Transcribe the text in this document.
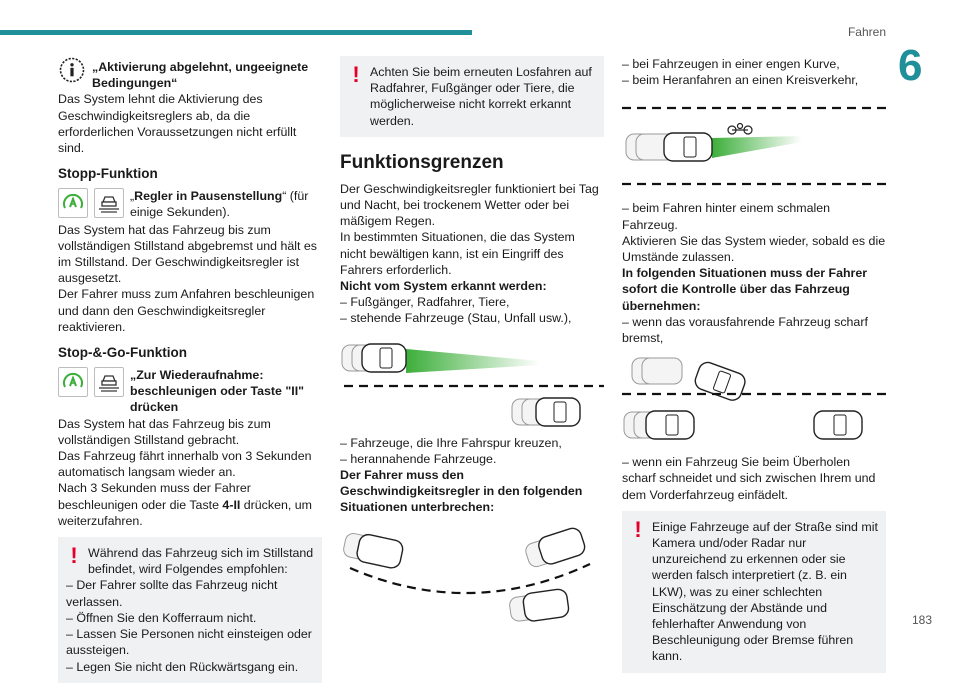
Fahren
6
183

„Aktivierung abgelehnt, ungeeignete Bedingungen“

Das System lehnt die Aktivierung des Geschwindigkeitsreglers ab, da die erforderlichen Voraussetzungen nicht erfüllt sind.

Stopp-Funktion

„Regler in Pausenstellung“ (für einige Sekunden).

Das System hat das Fahrzeug bis zum vollständigen Stillstand abgebremst und hält es im Stillstand. Der Geschwindigkeitsregler ist ausgesetzt.

Der Fahrer muss zum Anfahren beschleunigen und dann den Geschwindigkeitsregler reaktivieren.

Stop-&-Go-Funktion

„Zur Wiederaufnahme: beschleunigen oder Taste "II" drücken

Das System hat das Fahrzeug bis zum vollständigen Stillstand gebracht.

Das Fahrzeug fährt innerhalb von 3 Sekunden automatisch langsam wieder an.

Nach 3 Sekunden muss der Fahrer beschleunigen oder die Taste 4-II drücken, um weiterzufahren.

! Während das Fahrzeug sich im Stillstand befindet, wird Folgendes empfohlen:

– Der Fahrer sollte das Fahrzeug nicht verlassen.

– Öffnen Sie den Kofferraum nicht.

– Lassen Sie Personen nicht einsteigen oder aussteigen.

– Legen Sie nicht den Rückwärtsgang ein.

! Achten Sie beim erneuten Losfahren auf Radfahrer, Fußgänger oder Tiere, die möglicherweise nicht korrekt erkannt werden.

Funktionsgrenzen

Der Geschwindigkeitsregler funktioniert bei Tag und Nacht, bei trockenem Wetter oder bei mäßigem Regen.

In bestimmten Situationen, die das System nicht bewältigen kann, ist ein Eingriff des Fahrers erforderlich.

Nicht vom System erkannt werden:

– Fußgänger, Radfahrer, Tiere,

– stehende Fahrzeuge (Stau, Unfall usw.),

– Fahrzeuge, die Ihre Fahrspur kreuzen,

– herannahende Fahrzeuge.

Der Fahrer muss den Geschwindigkeitsregler in den folgenden Situationen unterbrechen:

– bei Fahrzeugen in einer engen Kurve,

– beim Heranfahren an einen Kreisverkehr,

– beim Fahren hinter einem schmalen Fahrzeug.

Aktivieren Sie das System wieder, sobald es die Umstände zulassen.

In folgenden Situationen muss der Fahrer sofort die Kontrolle über das Fahrzeug übernehmen:

– wenn das vorausfahrende Fahrzeug scharf bremst,

– wenn ein Fahrzeug Sie beim Überholen scharf schneidet und sich zwischen Ihrem und dem Vorderfahrzeug einfädelt.

! Einige Fahrzeuge auf der Straße sind mit Kamera und/oder Radar nur unzureichend zu erkennen oder sie werden falsch interpretiert (z. B. ein LKW), was zu einer schlechten Einschätzung der Abstände und fehlerhafter Anwendung von Beschleunigung oder Bremse führen kann.
